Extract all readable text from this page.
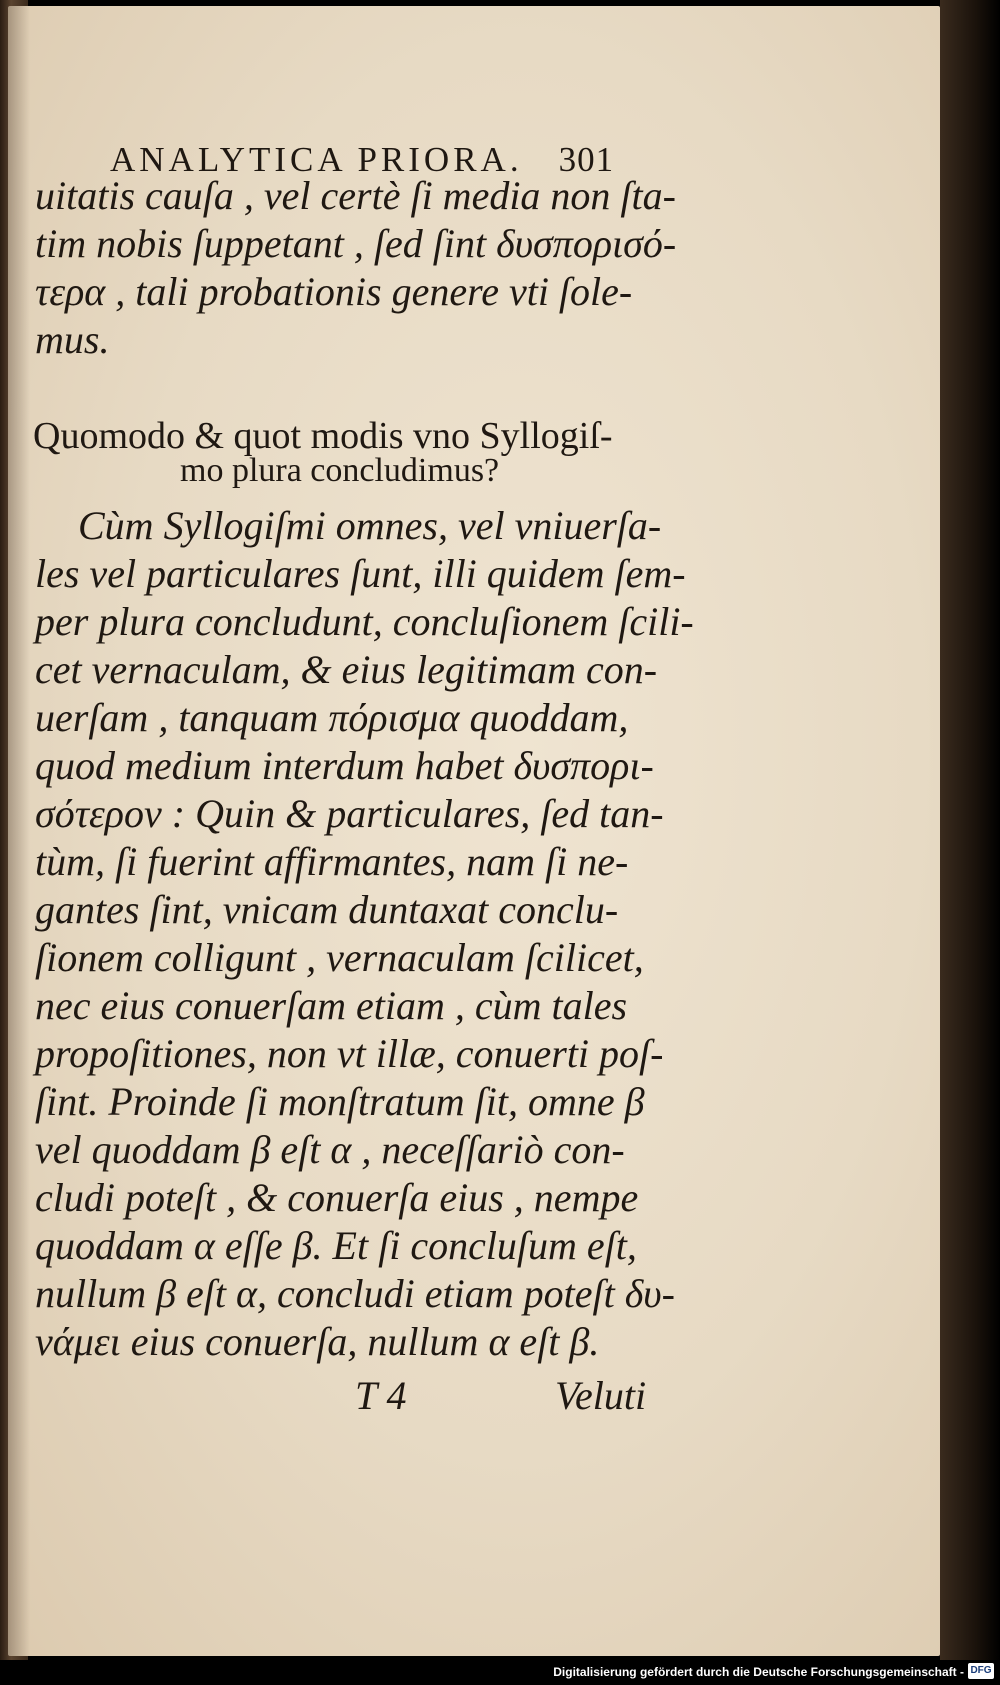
ANALYTICA PRIORA. 301
uitatis cauſa , vel certè ſi media non ſta-
tim nobis ſuppetant , ſed ſint δυσπορισό-
τερα , tali probationis genere vti ſole-
mus.
Quomodo & quot modis vno Syllogiſ-
mo plura concludimus?
Cùm Syllogiſmi omnes, vel vniuerſa-
les vel particulares ſunt, illi quidem ſem-
per plura concludunt, concluſionem ſcili-
cet vernaculam, & eius legitimam con-
uerſam , tanquam πόρισμα quoddam,
quod medium interdum habet δυσπορι-
σότερον : Quin & particulares, ſed tan-
tùm, ſi fuerint affirmantes, nam ſi ne-
gantes ſint, vnicam duntaxat conclu-
ſionem colligunt , vernaculam ſcilicet,
nec eius conuerſam etiam , cùm tales
propoſitiones, non vt illæ, conuerti poſ-
ſint. Proinde ſi monſtratum ſit, omne β
vel quoddam β eſt α , neceſſariò con-
cludi poteſt , & conuerſa eius , nempe
quoddam α eſſe β. Et ſi concluſum eſt,
nullum β eſt α, concludi etiam poteſt δυ-
νάμει eius conuerſa, nullum α eſt β.
T 4	Veluti
Digitalisierung gefördert durch die Deutsche Forschungsgemeinschaft - DFG
